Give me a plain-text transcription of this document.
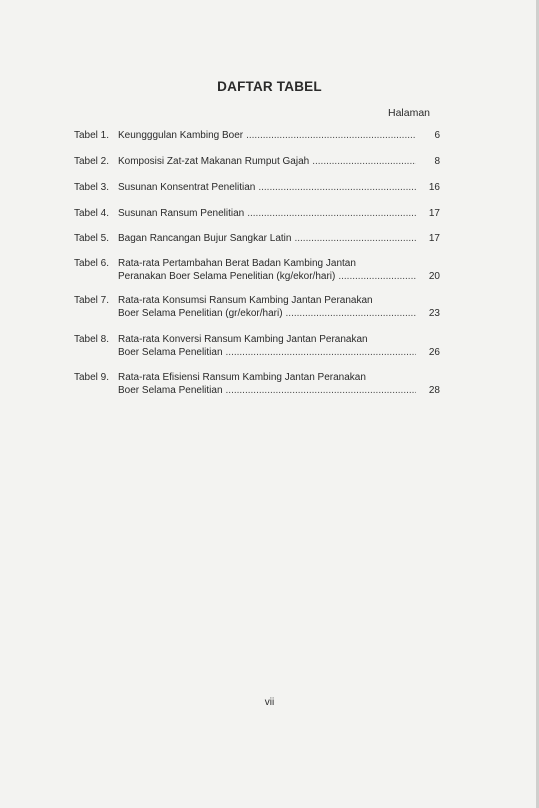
DAFTAR TABEL
Halaman
Tabel 1. Keungggulan Kambing Boer .....	6
Tabel 2. Komposisi Zat-zat Makanan Rumput Gajah .....	8
Tabel 3. Susunan Konsentrat Penelitian .....	16
Tabel 4. Susunan Ransum Penelitian .....	17
Tabel 5. Bagan Rancangan Bujur Sangkar Latin .....	17
Tabel 6. Rata-rata Pertambahan Berat Badan Kambing Jantan
Peranakan Boer Selama Penelitian (kg/ekor/hari) .....	20
Tabel 7. Rata-rata Konsumsi Ransum Kambing Jantan Peranakan
Boer Selama Penelitian (gr/ekor/hari) .....	23
Tabel 8. Rata-rata Konversi Ransum Kambing Jantan Peranakan
Boer Selama Penelitian .....	26
Tabel 9. Rata-rata Efisiensi Ransum Kambing Jantan Peranakan
Boer Selama Penelitian .....	28
vii
